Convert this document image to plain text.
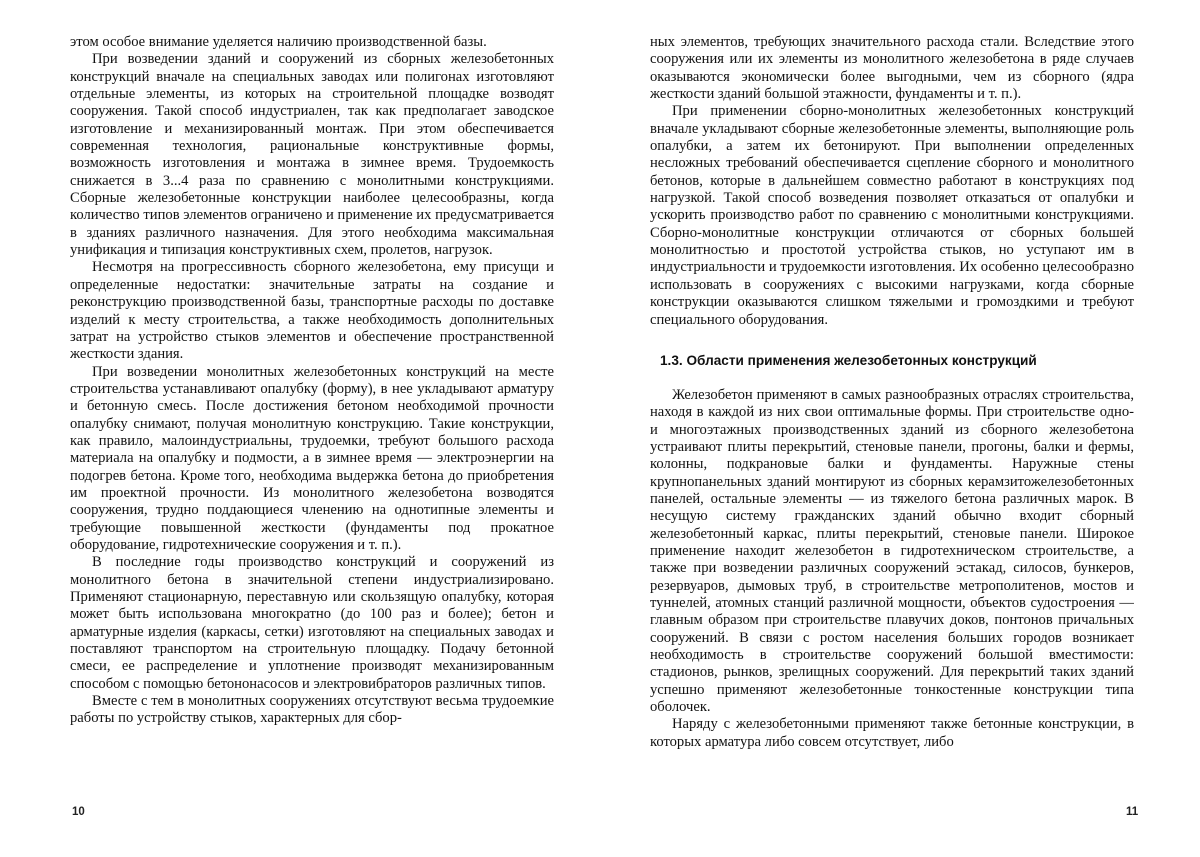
этом особое внимание уделяется наличию производственной базы.

При возведении зданий и сооружений из сборных железобетонных конструкций вначале на специальных заводах или полигонах изготовляют отдельные элементы, из которых на строительной площадке возводят сооружения. Такой способ индустриален, так как предполагает заводское изготовление и механизированный монтаж. При этом обеспечивается современная технология, рациональные конструктивные формы, возможность изготовления и монтажа в зимнее время. Трудоемкость снижается в 3...4 раза по сравнению с монолитными конструкциями. Сборные железобетонные конструкции наиболее целесообразны, когда количество типов элементов ограничено и применение их предусматривается в зданиях различного назначения. Для этого необходима максимальная унификация и типизация конструктивных схем, пролетов, нагрузок.

Несмотря на прогрессивность сборного железобетона, ему присущи и определенные недостатки: значительные затраты на создание и реконструкцию производственной базы, транспортные расходы по доставке изделий к месту строительства, а также необходимость дополнительных затрат на устройство стыков элементов и обеспечение пространственной жесткости здания.

При возведении монолитных железобетонных конструкций на месте строительства устанавливают опалубку (форму), в нее укладывают арматуру и бетонную смесь. После достижения бетоном необходимой прочности опалубку снимают, получая монолитную конструкцию. Такие конструкции, как правило, малоиндустриальны, трудоемки, требуют большого расхода материала на опалубку и подмости, а в зимнее время — электроэнергии на подогрев бетона. Кроме того, необходима выдержка бетона до приобретения им проектной прочности. Из монолитного железобетона возводятся сооружения, трудно поддающиеся членению на однотипные элементы и требующие повышенной жесткости (фундаменты под прокатное оборудование, гидротехнические сооружения и т. п.).

В последние годы производство конструкций и сооружений из монолитного бетона в значительной степени индустриализировано. Применяют стационарную, переставную или скользящую опалубку, которая может быть использована многократно (до 100 раз и более); бетон и арматурные изделия (каркасы, сетки) изготовляют на специальных заводах и поставляют транспортом на строительную площадку. Подачу бетонной смеси, ее распределение и уплотнение производят механизированным способом с помощью бетононасосов и электровибраторов различных типов.

Вместе с тем в монолитных сооружениях отсутствуют весьма трудоемкие работы по устройству стыков, характерных для сбор-

10

ных элементов, требующих значительного расхода стали. Вследствие этого сооружения или их элементы из монолитного железобетона в ряде случаев оказываются экономически более выгодными, чем из сборного (ядра жесткости зданий большой этажности, фундаменты и т. п.).

При применении сборно-монолитных железобетонных конструкций вначале укладывают сборные железобетонные элементы, выполняющие роль опалубки, а затем их бетонируют. При выполнении определенных несложных требований обеспечивается сцепление сборного и монолитного бетонов, которые в дальнейшем совместно работают в конструкциях под нагрузкой. Такой способ возведения позволяет отказаться от опалубки и ускорить производство работ по сравнению с монолитными конструкциями. Сборно-монолитные конструкции отличаются от сборных большей монолитностью и простотой устройства стыков, но уступают им в индустриальности и трудоемкости изготовления. Их особенно целесообразно использовать в сооружениях с высокими нагрузками, когда сборные конструкции оказываются слишком тяжелыми и громоздкими и требуют специального оборудования.

1.3. Области применения железобетонных конструкций

Железобетон применяют в самых разнообразных отраслях строительства, находя в каждой из них свои оптимальные формы. При строительстве одно- и многоэтажных производственных зданий из сборного железобетона устраивают плиты перекрытий, стеновые панели, прогоны, балки и фермы, колонны, подкрановые балки и фундаменты. Наружные стены крупнопанельных зданий монтируют из сборных керамзитожелезобетонных панелей, остальные элементы — из тяжелого бетона различных марок. В несущую систему гражданских зданий обычно входит сборный железобетонный каркас, плиты перекрытий, стеновые панели. Широкое применение находит железобетон в гидротехническом строительстве, а также при возведении различных сооружений эстакад, силосов, бункеров, резервуаров, дымовых труб, в строительстве метрополитенов, мостов и туннелей, атомных станций различной мощности, объектов судостроения — главным образом при строительстве плавучих доков, понтонов причальных сооружений. В связи с ростом населения больших городов возникает необходимость в строительстве сооружений большой вместимости: стадионов, рынков, зрелищных сооружений. Для перекрытий таких зданий успешно применяют железобетонные тонкостенные конструкции типа оболочек.

Наряду с железобетонными применяют также бетонные конструкции, в которых арматура либо совсем отсутствует, либо

11
